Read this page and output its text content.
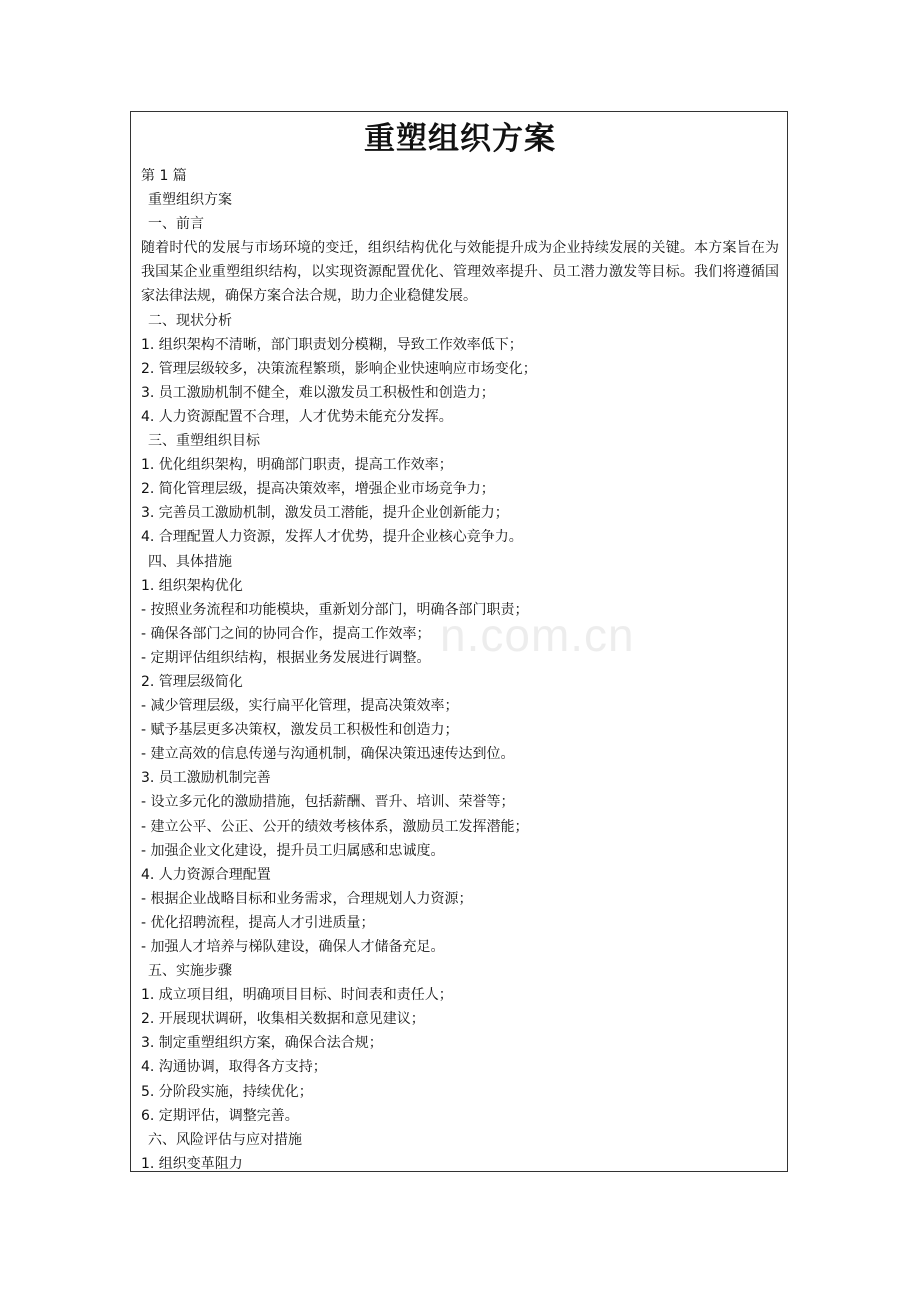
重塑组织方案
第 1 篇
重塑组织方案
一、前言
随着时代的发展与市场环境的变迁，组织结构优化与效能提升成为企业持续发展的关键。本方案旨在为我国某企业重塑组织结构，以实现资源配置优化、管理效率提升、员工潜力激发等目标。我们将遵循国家法律法规，确保方案合法合规，助力企业稳健发展。
二、现状分析
1. 组织架构不清晰，部门职责划分模糊，导致工作效率低下；
2. 管理层级较多，决策流程繁琐，影响企业快速响应市场变化；
3. 员工激励机制不健全，难以激发员工积极性和创造力；
4. 人力资源配置不合理，人才优势未能充分发挥。
三、重塑组织目标
1. 优化组织架构，明确部门职责，提高工作效率；
2. 简化管理层级，提高决策效率，增强企业市场竞争力；
3. 完善员工激励机制，激发员工潜能，提升企业创新能力；
4. 合理配置人力资源，发挥人才优势，提升企业核心竞争力。
四、具体措施
1. 组织架构优化
- 按照业务流程和功能模块，重新划分部门，明确各部门职责；
- 确保各部门之间的协同合作，提高工作效率；
- 定期评估组织结构，根据业务发展进行调整。
2. 管理层级简化
- 减少管理层级，实行扁平化管理，提高决策效率；
- 赋予基层更多决策权，激发员工积极性和创造力；
- 建立高效的信息传递与沟通机制，确保决策迅速传达到位。
3. 员工激励机制完善
- 设立多元化的激励措施，包括薪酬、晋升、培训、荣誉等；
- 建立公平、公正、公开的绩效考核体系，激励员工发挥潜能；
- 加强企业文化建设，提升员工归属感和忠诚度。
4. 人力资源合理配置
- 根据企业战略目标和业务需求，合理规划人力资源；
- 优化招聘流程，提高人才引进质量；
- 加强人才培养与梯队建设，确保人才储备充足。
五、实施步骤
1. 成立项目组，明确项目目标、时间表和责任人；
2. 开展现状调研，收集相关数据和意见建议；
3. 制定重塑组织方案，确保合法合规；
4. 沟通协调，取得各方支持；
5. 分阶段实施，持续优化；
6. 定期评估，调整完善。
六、风险评估与应对措施
1. 组织变革阻力
n.com.cn
